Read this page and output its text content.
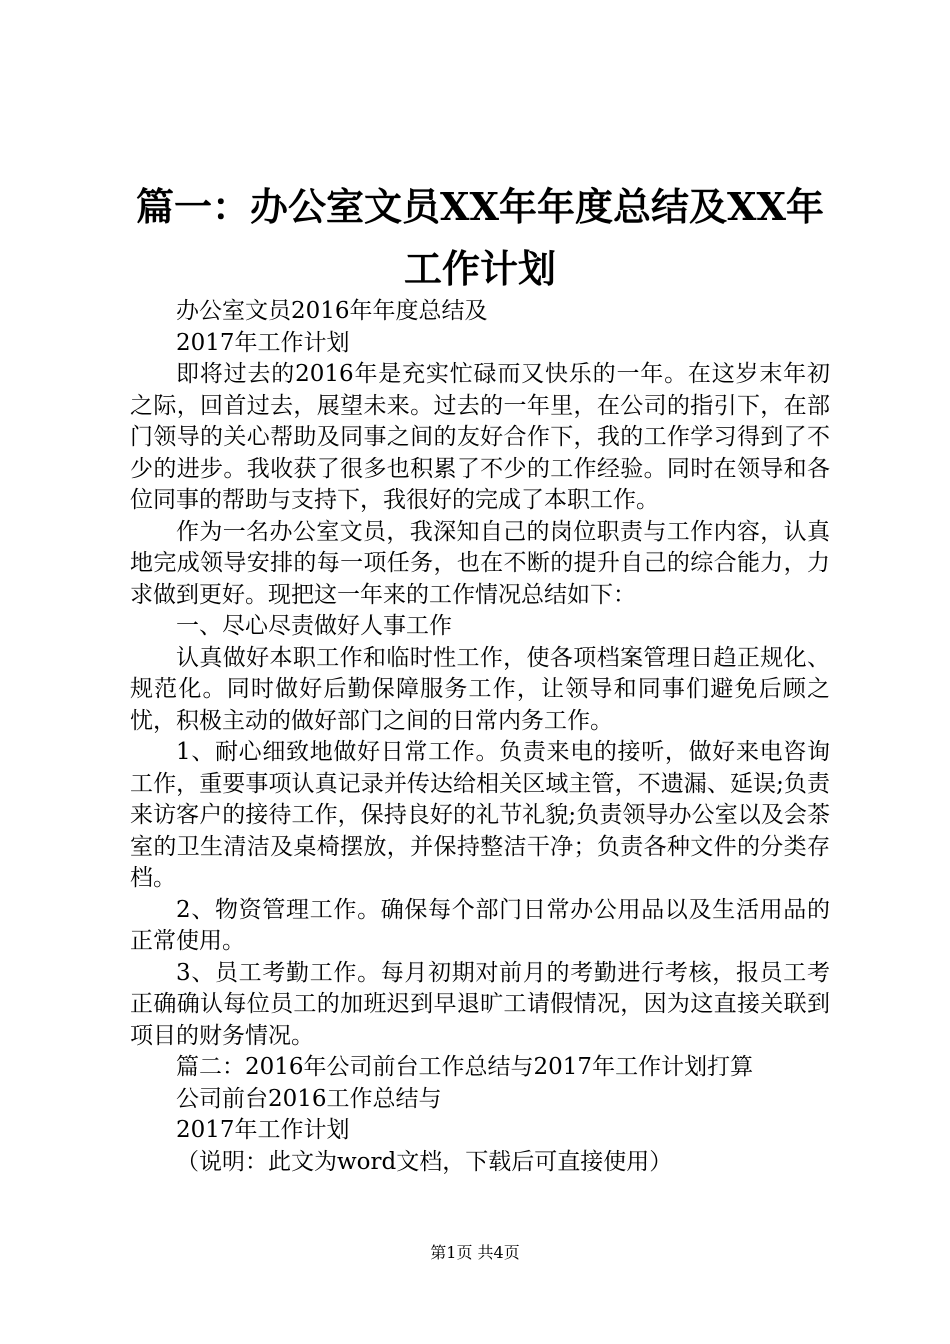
篇一：办公室文员XX年年度总结及XX年工作计划

办公室文员2016年年度总结及

2017年工作计划

即将过去的2016年是充实忙碌而又快乐的一年。在这岁末年初之际，回首过去，展望未来。过去的一年里，在公司的指引下，在部门领导的关心帮助及同事之间的友好合作下，我的工作学习得到了不少的进步。我收获了很多也积累了不少的工作经验。同时在领导和各位同事的帮助与支持下，我很好的完成了本职工作。

作为一名办公室文员，我深知自己的岗位职责与工作内容，认真地完成领导安排的每一项任务，也在不断的提升自己的综合能力，力求做到更好。现把这一年来的工作情况总结如下：

一、尽心尽责做好人事工作

认真做好本职工作和临时性工作，使各项档案管理日趋正规化、规范化。同时做好后勤保障服务工作，让领导和同事们避免后顾之忧，积极主动的做好部门之间的日常内务工作。

1、耐心细致地做好日常工作。负责来电的接听，做好来电咨询工作，重要事项认真记录并传达给相关区域主管，不遗漏、延误;负责来访客户的接待工作，保持良好的礼节礼貌;负责领导办公室以及会茶室的卫生清洁及桌椅摆放，并保持整洁干净；负责各种文件的分类存档。

2、物资管理工作。确保每个部门日常办公用品以及生活用品的正常使用。

3、员工考勤工作。每月初期对前月的考勤进行考核，报员工考正确确认每位员工的加班迟到早退旷工请假情况，因为这直接关联到项目的财务情况。

篇二：2016年公司前台工作总结与2017年工作计划打算

公司前台2016工作总结与

2017年工作计划

（说明：此文为word文档，下载后可直接使用）

第1页 共4页
